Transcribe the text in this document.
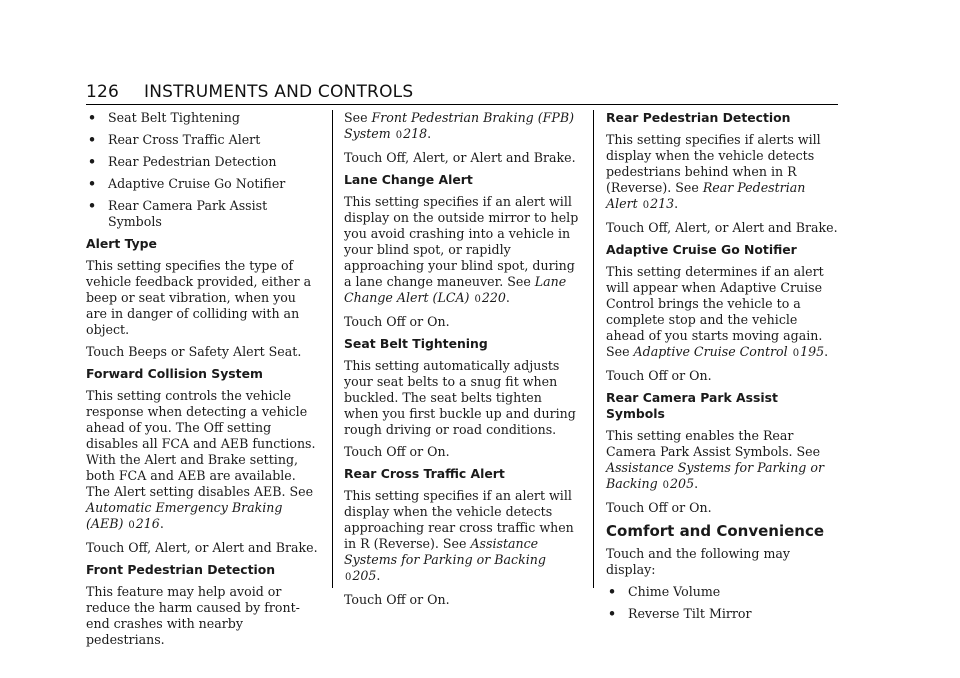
126 INSTRUMENTS AND CONTROLS
• Seat Belt Tightening
• Rear Cross Traffic Alert
• Rear Pedestrian Detection
• Adaptive Cruise Go Notifier
• Rear Camera Park Assist Symbols
Alert Type

This setting specifies the type of vehicle feedback provided, either a beep or seat vibration, when you are in danger of colliding with an object.

Touch Beeps or Safety Alert Seat.

Forward Collision System

This setting controls the vehicle response when detecting a vehicle ahead of you. The Off setting disables all FCA and AEB functions. With the Alert and Brake setting, both FCA and AEB are available. The Alert setting disables AEB. See Automatic Emergency Braking (AEB) 0216.

Touch Off, Alert, or Alert and Brake.

Front Pedestrian Detection

This feature may help avoid or reduce the harm caused by front-end crashes with nearby pedestrians.

See Front Pedestrian Braking (FPB) System 0218.

Touch Off, Alert, or Alert and Brake.

Lane Change Alert

This setting specifies if an alert will display on the outside mirror to help you avoid crashing into a vehicle in your blind spot, or rapidly approaching your blind spot, during a lane change maneuver. See Lane Change Alert (LCA) 0220.

Touch Off or On.

Seat Belt Tightening

This setting automatically adjusts your seat belts to a snug fit when buckled. The seat belts tighten when you first buckle up and during rough driving or road conditions.

Touch Off or On.

Rear Cross Traffic Alert

This setting specifies if an alert will display when the vehicle detects approaching rear cross traffic when in R (Reverse). See Assistance Systems for Parking or Backing 0205.

Touch Off or On.

Rear Pedestrian Detection

This setting specifies if alerts will display when the vehicle detects pedestrians behind when in R (Reverse). See Rear Pedestrian Alert 0213.

Touch Off, Alert, or Alert and Brake.

Adaptive Cruise Go Notifier

This setting determines if an alert will appear when Adaptive Cruise Control brings the vehicle to a complete stop and the vehicle ahead of you starts moving again. See Adaptive Cruise Control 0195.

Touch Off or On.

Rear Camera Park Assist Symbols

This setting enables the Rear Camera Park Assist Symbols. See Assistance Systems for Parking or Backing 0205.

Touch Off or On.

Comfort and Convenience

Touch and the following may display:

• Chime Volume
• Reverse Tilt Mirror
